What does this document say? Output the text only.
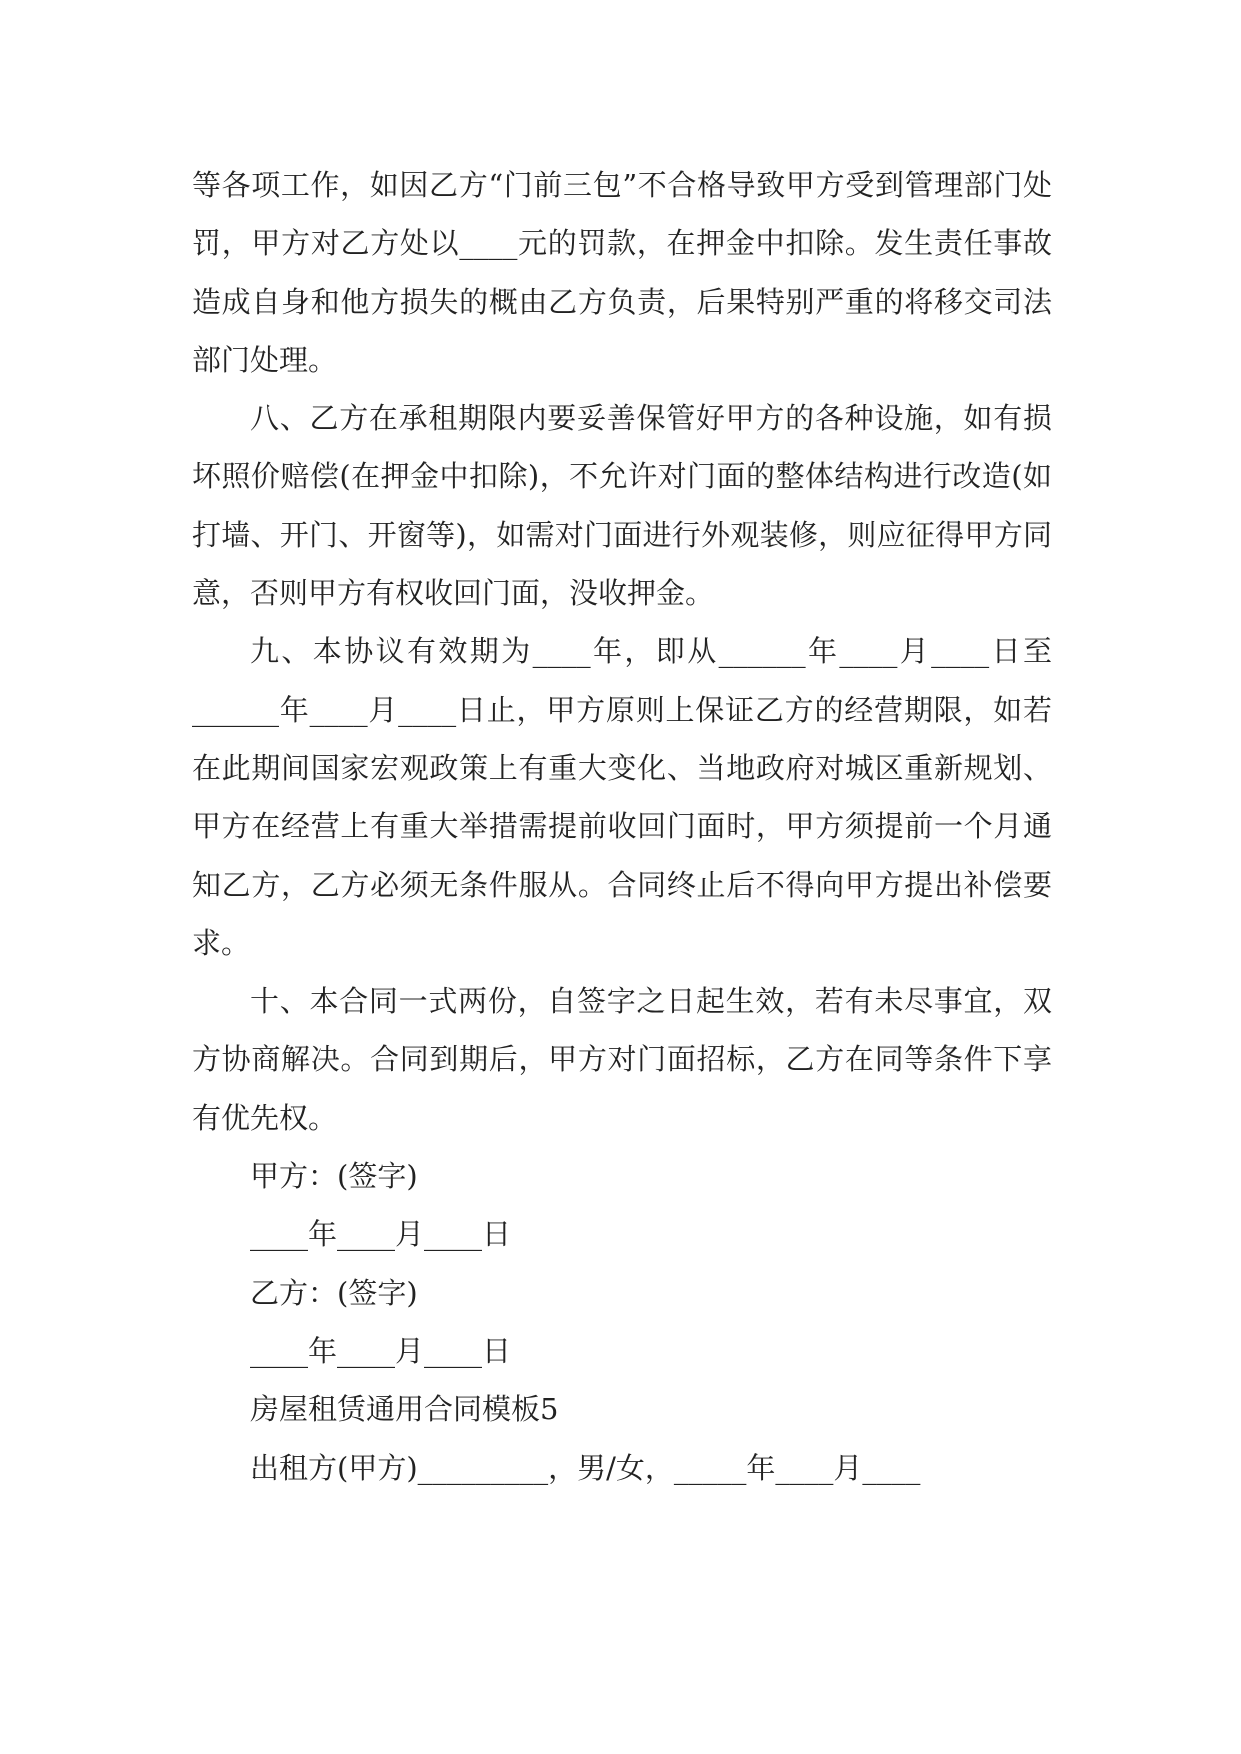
等各项工作，如因乙方“门前三包”不合格导致甲方受到管理部门处罚，甲方对乙方处以____元的罚款，在押金中扣除。发生责任事故造成自身和他方损失的概由乙方负责，后果特别严重的将移交司法部门处理。

八、乙方在承租期限内要妥善保管好甲方的各种设施，如有损坏照价赔偿(在押金中扣除)，不允许对门面的整体结构进行改造(如打墙、开门、开窗等)，如需对门面进行外观装修，则应征得甲方同意，否则甲方有权收回门面，没收押金。

九、本协议有效期为____年，即从______年____月____日至______年____月____日止，甲方原则上保证乙方的经营期限，如若在此期间国家宏观政策上有重大变化、当地政府对城区重新规划、甲方在经营上有重大举措需提前收回门面时，甲方须提前一个月通知乙方，乙方必须无条件服从。合同终止后不得向甲方提出补偿要求。

十、本合同一式两份，自签字之日起生效，若有未尽事宜，双方协商解决。合同到期后，甲方对门面招标，乙方在同等条件下享有优先权。

甲方：(签字)

____年____月____日

乙方：(签字)

____年____月____日

房屋租赁通用合同模板5

出租方(甲方)_________，男/女，_____年____月____
